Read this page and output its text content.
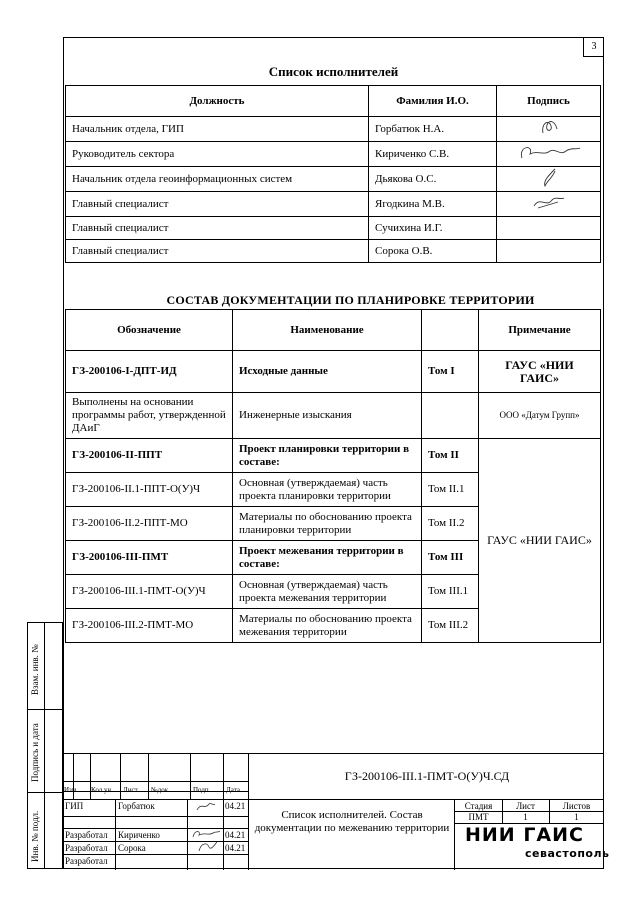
3
Список исполнителей
Должность	Фамилия И.О.	Подпись
Начальник отдела, ГИП	Горбатюк Н.А.	
Руководитель сектора	Кириченко С.В.	
Начальник отдела геоинформационных систем	Дьякова О.С.	
Главный специалист	Ягодкина М.В.	
Главный специалист	Сучихина И.Г.	
Главный специалист	Сорока О.В.	
СОСТАВ ДОКУМЕНТАЦИИ ПО ПЛАНИРОВКЕ ТЕРРИТОРИИ
Обозначение	Наименование		Примечание
ГЗ-200106-I-ДПТ-ИД	Исходные данные	Том I	ГАУС «НИИ ГАИС»
Выполнены на основании программы работ, утвержденной ДАиГ	Инженерные изыскания		ООО «Датум Групп»
ГЗ-200106-II-ППТ	Проект планировки территории в составе:	Том II	ГАУС «НИИ ГАИС»
ГЗ-200106-II.1-ППТ-О(У)Ч	Основная (утверждаемая) часть проекта планировки территории	Том II.1	
ГЗ-200106-II.2-ППТ-МО	Материалы по обоснованию проекта планировки территории	Том II.2	
ГЗ-200106-III-ПМТ	Проект межевания территории в составе:	Том III	
ГЗ-200106-III.1-ПМТ-О(У)Ч	Основная (утверждаемая) часть проекта межевания территории	Том III.1	
ГЗ-200106-III.2-ПМТ-МО	Материалы по обоснованию проекта межевания территории	Том III.2	
Взам. инв. №
Подпись и дата
Инв. № подл.
ГЗ-200106-III.1-ПМТ-О(У)Ч.СД
Изм. Кол.уч. Лист №док.	Подп. Дата
ГИП	Горбатюк	04.21
Разработал Кириченко	04.21
Разработал Сорока	04.21
Разработал
Список исполнителей. Состав документации по межеванию территории
Стадия	Лист	Листов
ПМТ	1	1
НИИ ГАИС
севастополь
